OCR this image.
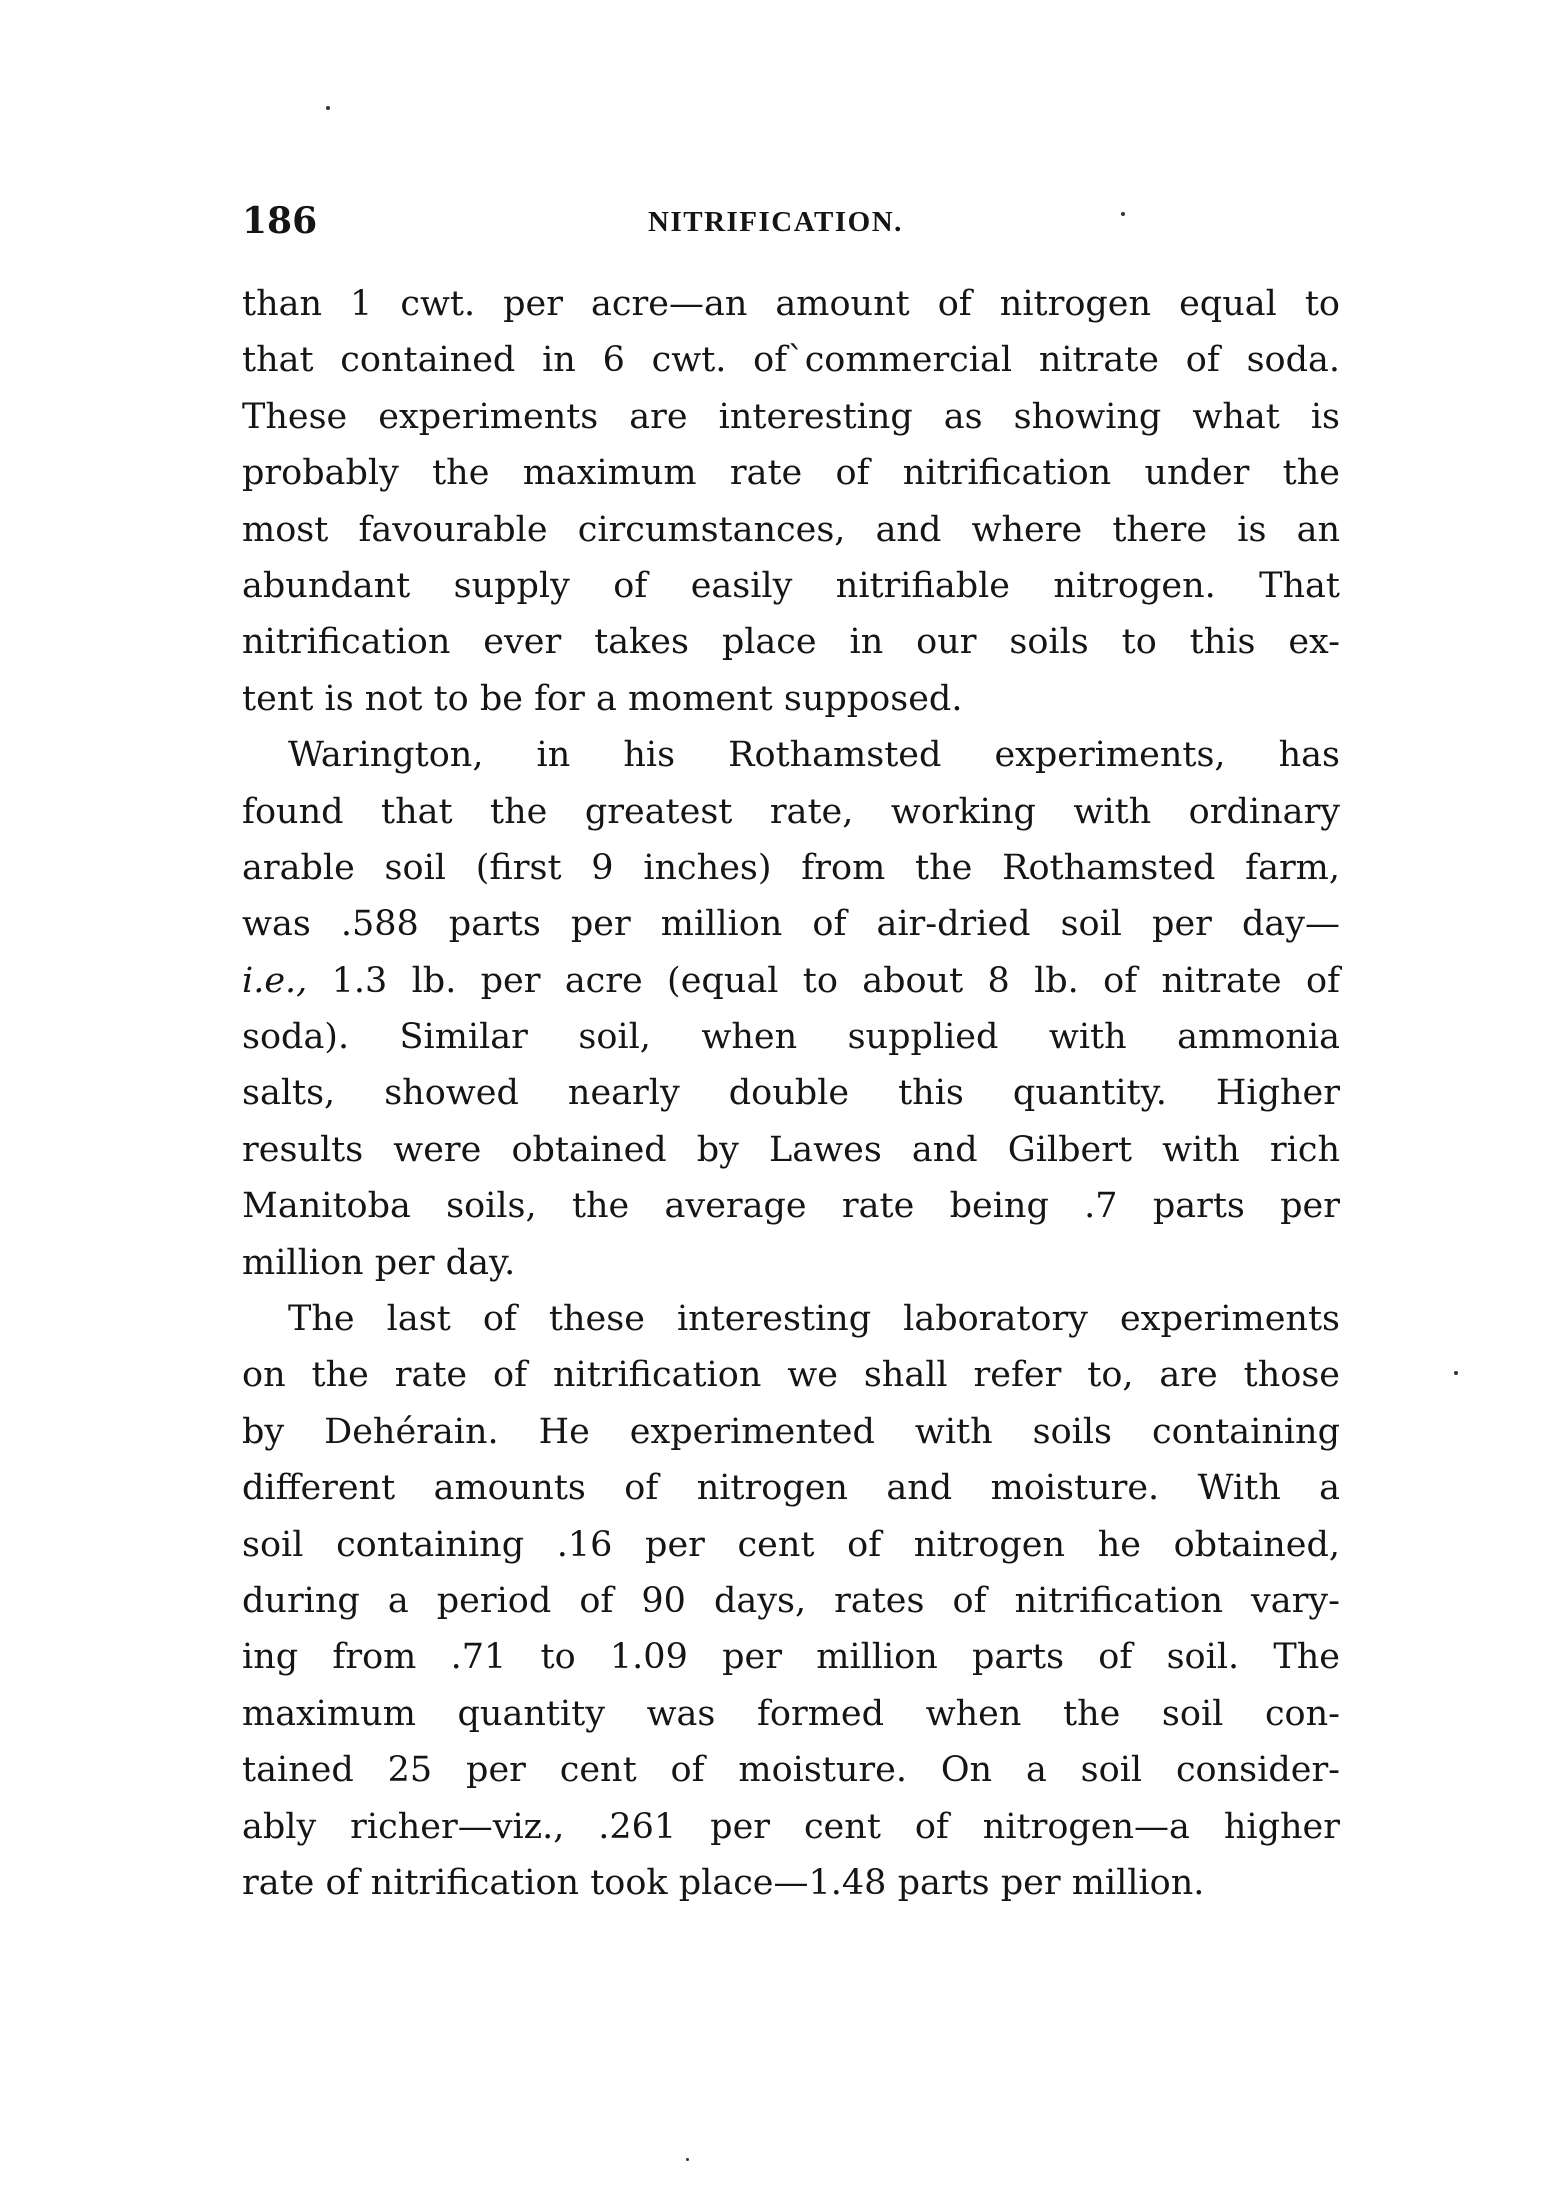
186	NITRIFICATION.
than 1 cwt. per acre—an amount of nitrogen equal to
that contained in 6 cwt. of`commercial nitrate of soda.
These experiments are interesting as showing what is
probably the maximum rate of nitrification under the
most favourable circumstances, and where there is an
abundant supply of easily nitrifiable nitrogen. That
nitrification ever takes place in our soils to this ex-
tent is not to be for a moment supposed.
Warington, in his Rothamsted experiments, has
found that the greatest rate, working with ordinary
arable soil (first 9 inches) from the Rothamsted farm,
was .588 parts per million of air-dried soil per day—
i.e., 1.3 lb. per acre (equal to about 8 lb. of nitrate of
soda). Similar soil, when supplied with ammonia
salts, showed nearly double this quantity. Higher
results were obtained by Lawes and Gilbert with rich
Manitoba soils, the average rate being .7 parts per
million per day.
The last of these interesting laboratory experiments
on the rate of nitrification we shall refer to, are those
by Dehérain. He experimented with soils containing
different amounts of nitrogen and moisture. With a
soil containing .16 per cent of nitrogen he obtained,
during a period of 90 days, rates of nitrification vary-
ing from .71 to 1.09 per million parts of soil. The
maximum quantity was formed when the soil con-
tained 25 per cent of moisture. On a soil consider-
ably richer—viz., .261 per cent of nitrogen—a higher
rate of nitrification took place—1.48 parts per million.
